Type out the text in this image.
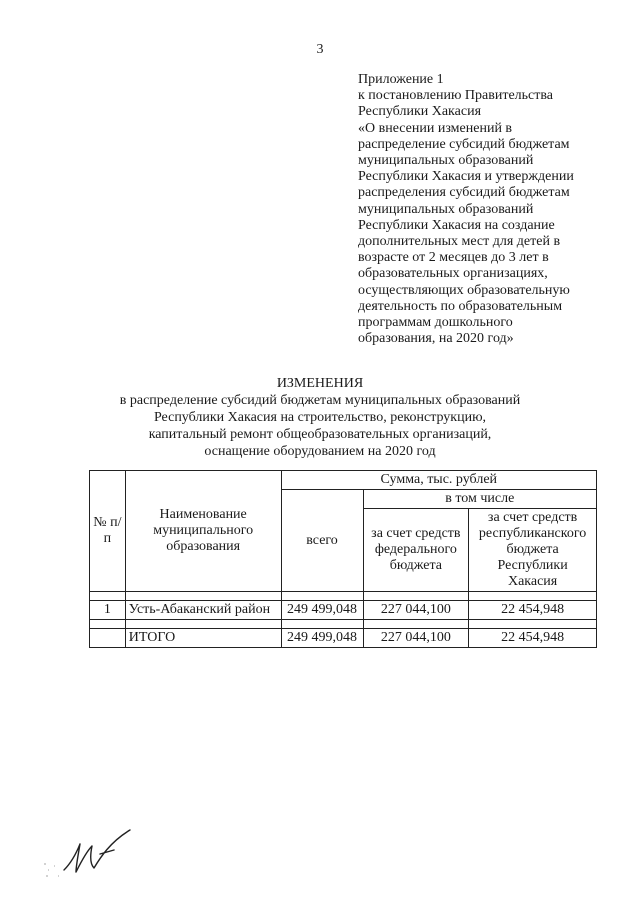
3
Приложение 1
к постановлению Правительства
Республики Хакасия
«О внесении изменений в
распределение субсидий бюджетам
муниципальных образований
Республики Хакасия и утверждении
распределения субсидий бюджетам
муниципальных образований
Республики Хакасия на создание
дополнительных мест для детей в
возрасте от 2 месяцев до 3 лет в
образовательных организациях,
осуществляющих образовательную
деятельность по образовательным
программам дошкольного
образования, на 2020 год»
ИЗМЕНЕНИЯ
в распределение субсидий бюджетам муниципальных образований
Республики Хакасия на строительство, реконструкцию,
капитальный ремонт общеобразовательных организаций,
оснащение оборудованием на 2020 год
№ п/п	Наименование муниципального образования	Сумма, тыс. рублей		
		всего	в том числе	
			за счет средств федерального бюджета	за счет средств республиканского бюджета Республики Хакасия

1	Усть-Абаканский район	249 499,048	227 044,100	22 454,948

	ИТОГО	249 499,048	227 044,100	22 454,948
